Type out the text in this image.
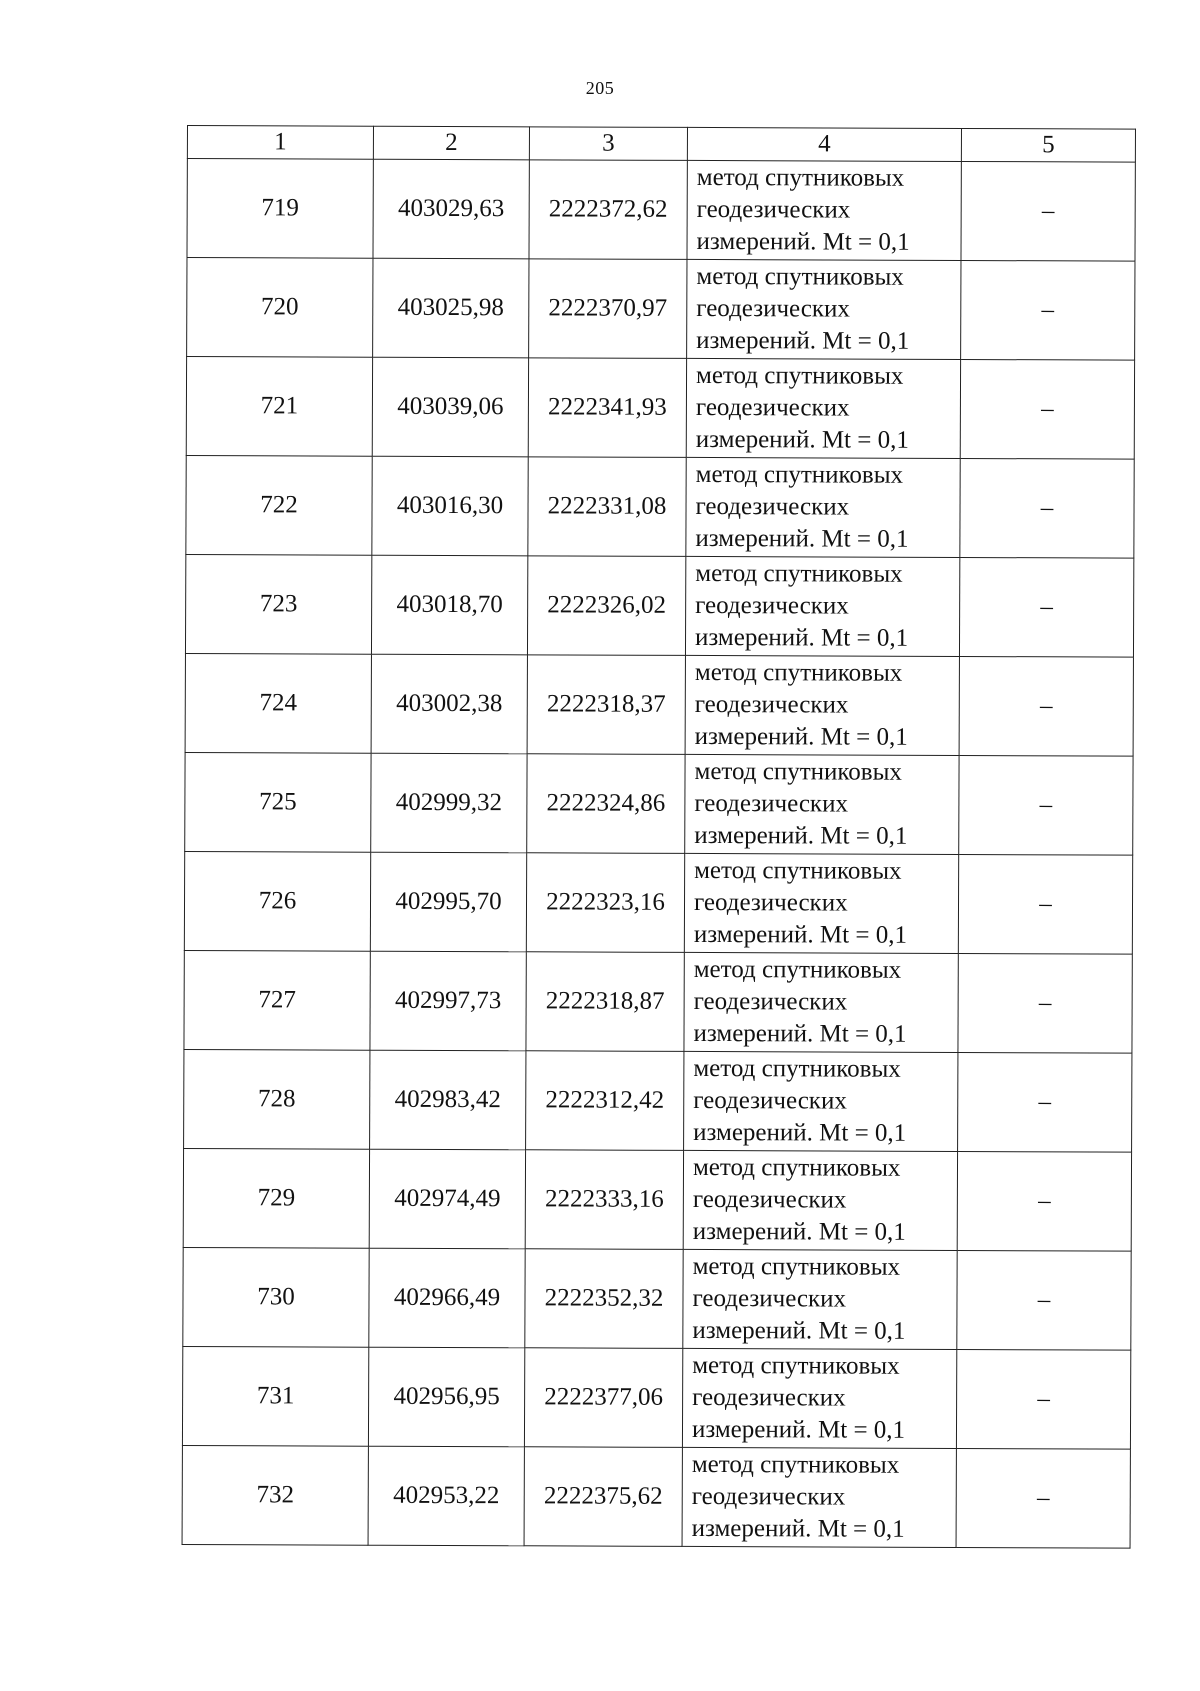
205
1	2	3	4	5
719	403029,63	2222372,62	метод спутниковых
геодезических
измерений. Mt = 0,1	–
720	403025,98	2222370,97	метод спутниковых
геодезических
измерений. Mt = 0,1	–
721	403039,06	2222341,93	метод спутниковых
геодезических
измерений. Mt = 0,1	–
722	403016,30	2222331,08	метод спутниковых
геодезических
измерений. Mt = 0,1	–
723	403018,70	2222326,02	метод спутниковых
геодезических
измерений. Mt = 0,1	–
724	403002,38	2222318,37	метод спутниковых
геодезических
измерений. Mt = 0,1	–
725	402999,32	2222324,86	метод спутниковых
геодезических
измерений. Mt = 0,1	–
726	402995,70	2222323,16	метод спутниковых
геодезических
измерений. Mt = 0,1	–
727	402997,73	2222318,87	метод спутниковых
геодезических
измерений. Mt = 0,1	–
728	402983,42	2222312,42	метод спутниковых
геодезических
измерений. Mt = 0,1	–
729	402974,49	2222333,16	метод спутниковых
геодезических
измерений. Mt = 0,1	–
730	402966,49	2222352,32	метод спутниковых
геодезических
измерений. Mt = 0,1	–
731	402956,95	2222377,06	метод спутниковых
геодезических
измерений. Mt = 0,1	–
732	402953,22	2222375,62	метод спутниковых
геодезических
измерений. Mt = 0,1	–
